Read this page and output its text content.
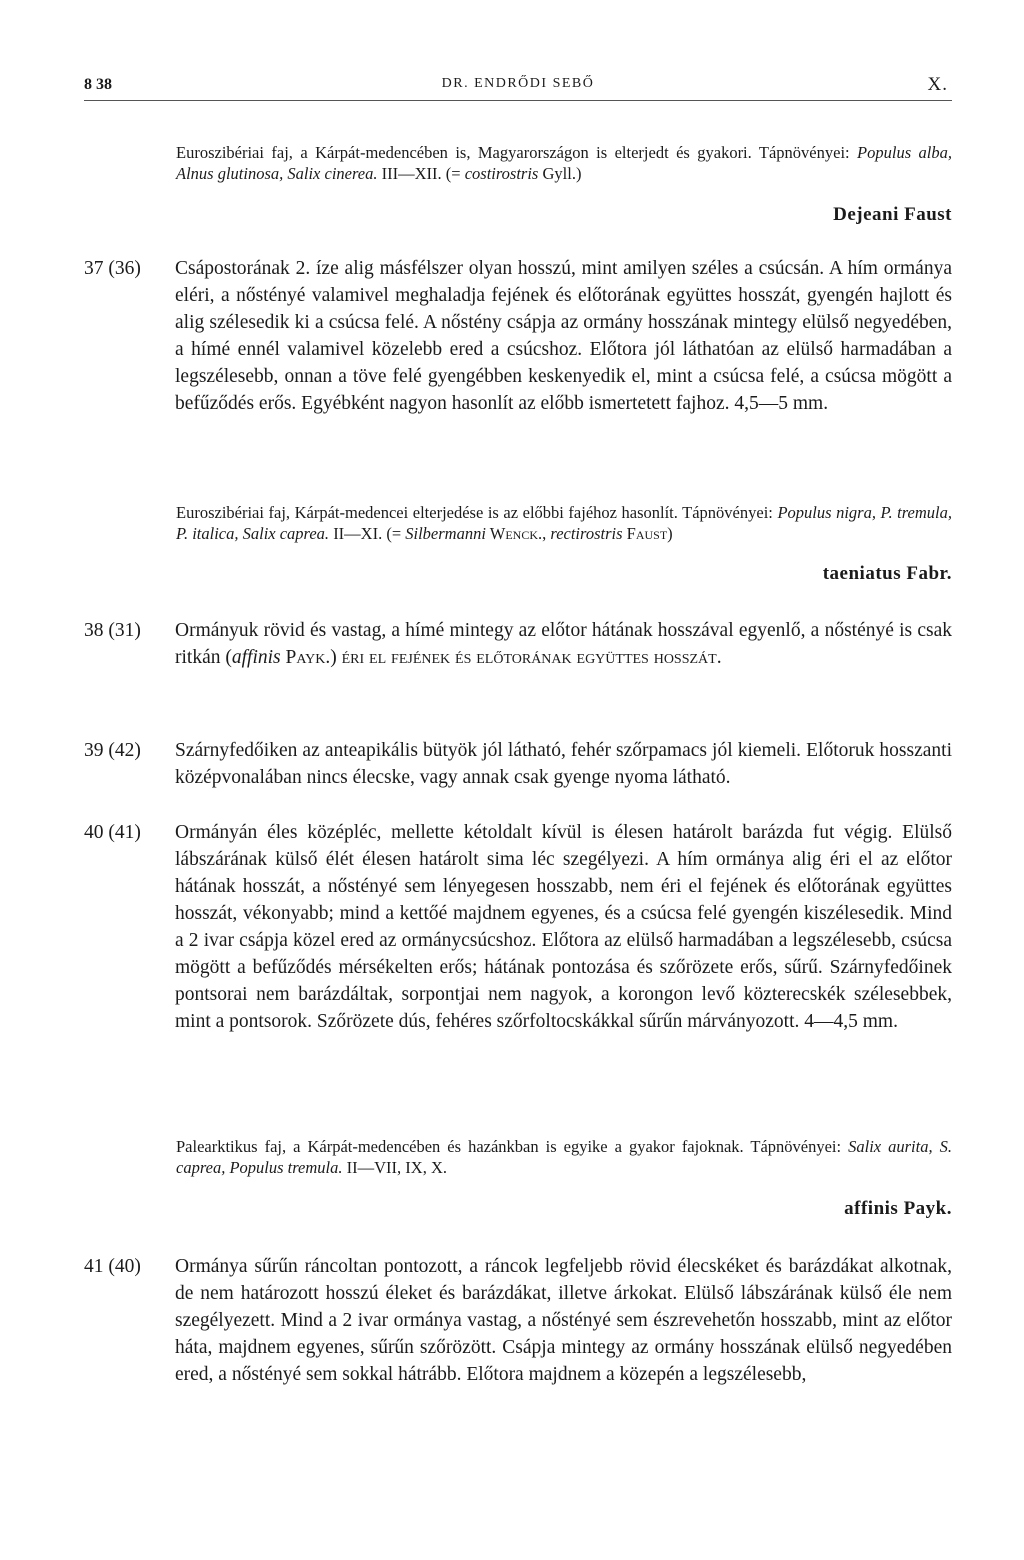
8 38	DR. ENDRŐDI SEBŐ	X.
Euroszibériai faj, a Kárpát-medencében is, Magyarországon is elterjedt és gyakori. Tápnövényei: Populus alba, Alnus glutinosa, Salix cinerea. III—XII. (= costirostris Gyll.)
Dejeani Faust
37 (36)	Csápostorának 2. íze alig másfélszer olyan hosszú, mint amilyen széles a csúcsán. A hím ormánya eléri, a nőstényé valamivel meghaladja fejének és előtorának együttes hosszát, gyengén hajlott és alig szélesedik ki a csúcsa felé. A nőstény csápja az ormány hosszának mintegy elülső negyedében, a hímé ennél valamivel közelebb ered a csúcshoz. Előtora jól láthatóan az elülső harmadában a legszélesebb, onnan a töve felé gyengébben keskenyedik el, mint a csúcsa felé, a csúcsa mögött a befűződés erős. Egyébként nagyon hasonlít az előbb ismertetett fajhoz. 4,5—5 mm.
Euroszibériai faj, Kárpát-medencei elterjedése is az előbbi fajéhoz hasonlít. Tápnövényei: Populus nigra, P. tremula, P. italica, Salix caprea. II—XI. (= Silbermanni Wenck., rectirostris Faust)
taeniatus Fabr.
38 (31)	Ormányuk rövid és vastag, a hímé mintegy az előtor hátának hosszával egyenlő, a nőstényé is csak ritkán (affinis Payk.) éri el fejének és előtorának együttes hosszát.
39 (42)	Szárnyfedőiken az anteapikális bütyök jól látható, fehér szőrpamacs jól kiemeli. Előtoruk hosszanti középvonalában nincs élecske, vagy annak csak gyenge nyoma látható.
40 (41)	Ormányán éles középléc, mellette kétoldalt kívül is élesen határolt barázda fut végig. Elülső lábszárának külső élét élesen határolt sima léc szegélyezi. A hím ormánya alig éri el az előtor hátának hosszát, a nőstényé sem lényegesen hosszabb, nem éri el fejének és előtorának együttes hosszát, vékonyabb; mind a kettőé majdnem egyenes, és a csúcsa felé gyengén kiszélesedik. Mind a 2 ivar csápja közel ered az ormánycsúcshoz. Előtora az elülső harmadában a legszélesebb, csúcsa mögött a befűződés mérsékelten erős; hátának pontozása és szőrözete erős, sűrű. Szárnyfedőinek pontsorai nem barázdáltak, sorpontjai nem nagyok, a korongon levő közterecskék szélesebbek, mint a pontsorok. Szőrözete dús, fehéres szőrfoltocskákkal sűrűn márványozott. 4—4,5 mm.
Palearktikus faj, a Kárpát-medencében és hazánkban is egyike a gyakor fajoknak. Tápnövényei: Salix aurita, S. caprea, Populus tremula. II—VII, IX, X.
affinis Payk.
41 (40)	Ormánya sűrűn ráncoltan pontozott, a ráncok legfeljebb rövid élecskéket és barázdákat alkotnak, de nem határozott hosszú éleket és barázdákat, illetve árkokat. Elülső lábszárának külső éle nem szegélyezett. Mind a 2 ivar ormánya vastag, a nőstényé sem észrevehetőn hosszabb, mint az előtor háta, majdnem egyenes, sűrűn szőrözött. Csápja mintegy az ormány hosszának elülső negyedében ered, a nőstényé sem sokkal hátrább. Előtora majdnem a közepén a legszélesebb,
